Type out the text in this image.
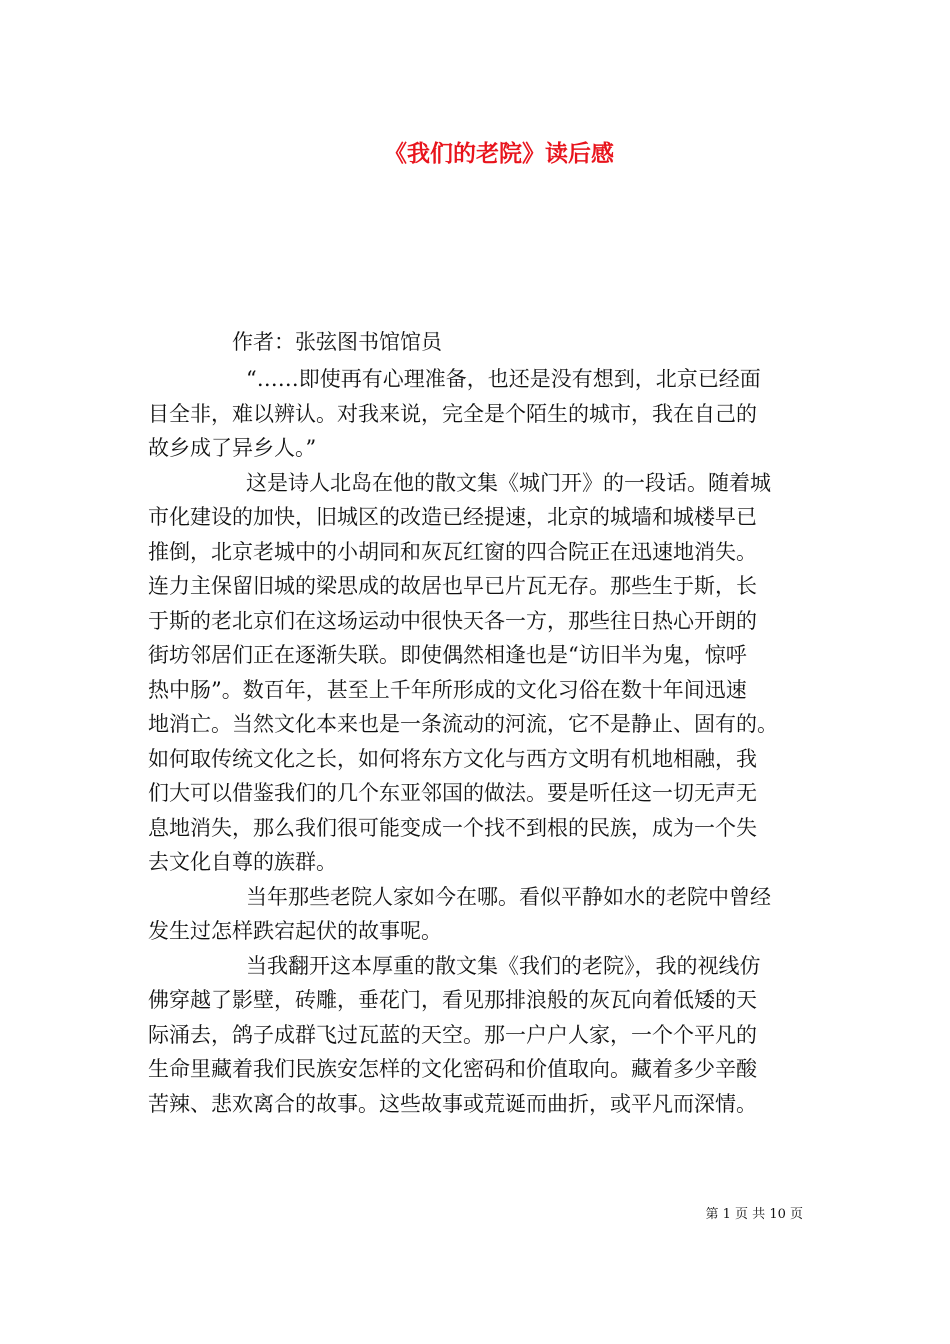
《我们的老院》读后感
作者：张弦图书馆馆员
“……即使再有心理准备，也还是没有想到，北京已经面
目全非，难以辨认。对我来说，完全是个陌生的城市，我在自己的
故乡成了异乡人。”
这是诗人北岛在他的散文集《城门开》的一段话。随着城
市化建设的加快，旧城区的改造已经提速，北京的城墙和城楼早已
推倒，北京老城中的小胡同和灰瓦红窗的四合院正在迅速地消失。
连力主保留旧城的梁思成的故居也早已片瓦无存。那些生于斯，长
于斯的老北京们在这场运动中很快天各一方，那些往日热心开朗的
街坊邻居们正在逐渐失联。即使偶然相逢也是“访旧半为鬼，惊呼
热中肠”。数百年，甚至上千年所形成的文化习俗在数十年间迅速
地消亡。当然文化本来也是一条流动的河流，它不是静止、固有的。
如何取传统文化之长，如何将东方文化与西方文明有机地相融，我
们大可以借鉴我们的几个东亚邻国的做法。要是听任这一切无声无
息地消失，那么我们很可能变成一个找不到根的民族，成为一个失
去文化自尊的族群。
当年那些老院人家如今在哪。看似平静如水的老院中曾经
发生过怎样跌宕起伏的故事呢。
当我翻开这本厚重的散文集《我们的老院》，我的视线仿
佛穿越了影壁，砖雕，垂花门，看见那排浪般的灰瓦向着低矮的天
际涌去，鸽子成群飞过瓦蓝的天空。那一户户人家，一个个平凡的
生命里藏着我们民族安怎样的文化密码和价值取向。藏着多少辛酸
苦辣、悲欢离合的故事。这些故事或荒诞而曲折，或平凡而深情。
第 1 页 共 10 页
